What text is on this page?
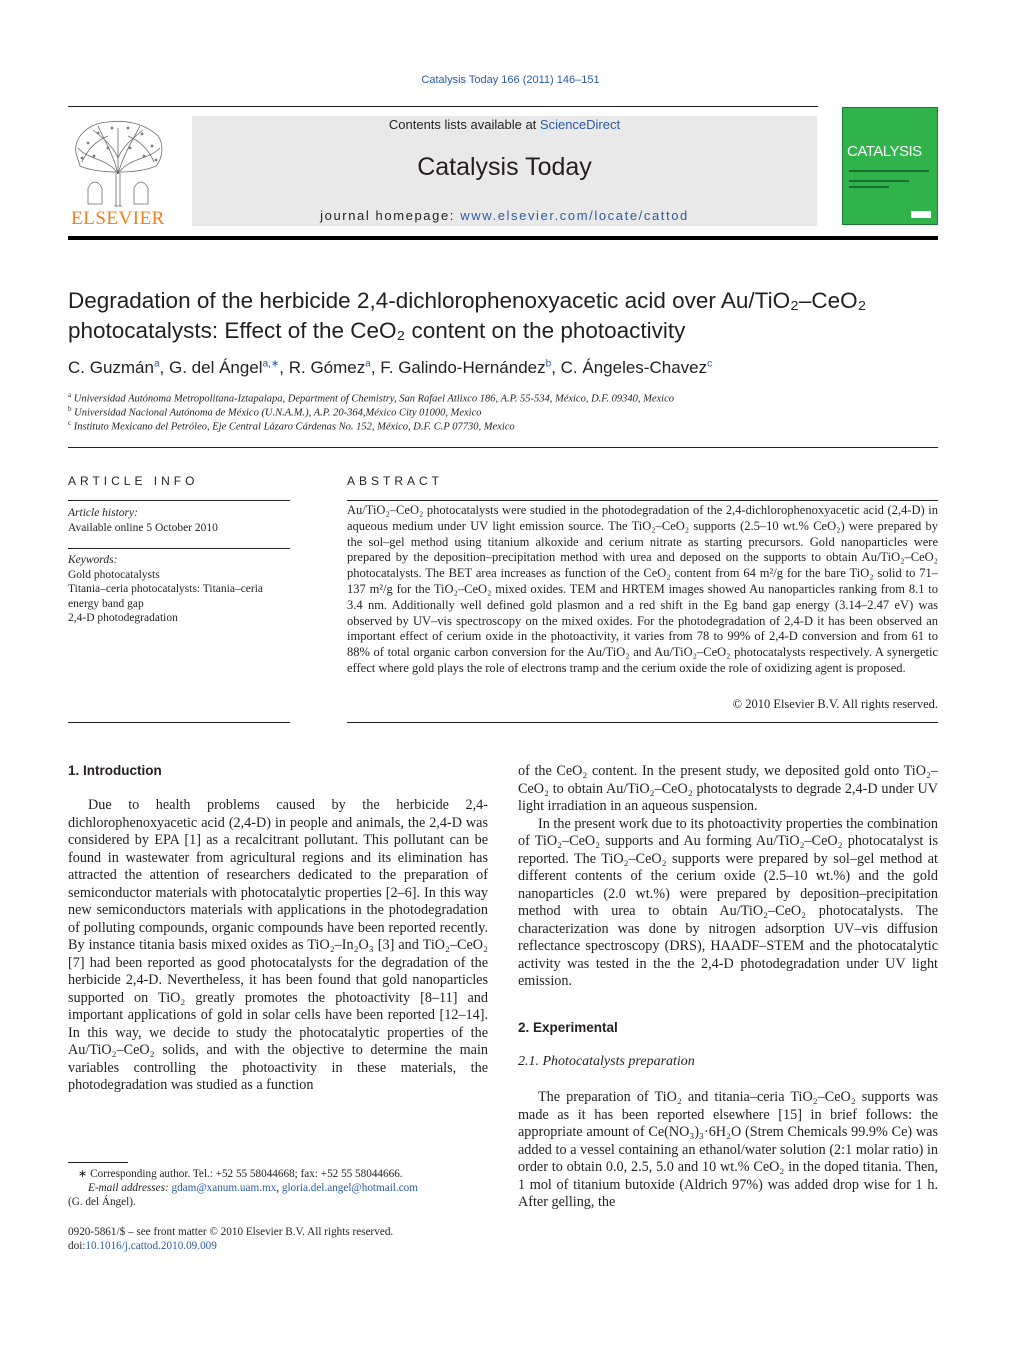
Catalysis Today 166 (2011) 146–151
ELSEVIER
Contents lists available at ScienceDirect
Catalysis Today
journal homepage: www.elsevier.com/locate/cattod
CATALYSIS
Degradation of the herbicide 2,4-dichlorophenoxyacetic acid over Au/TiO₂–CeO₂
photocatalysts: Effect of the CeO₂ content on the photoactivity
C. Guzmán$^a$, G. del Ángel$^{a,∗}$, R. Gómez$^a$, F. Galindo-Hernández$^b$, C. Ángeles-Chavez$^c$
$^a$ Universidad Autónoma Metropolitana-Iztapalapa, Department of Chemistry, San Rafael Atlixco 186, A.P. 55-534, México, D.F. 09340, Mexico
$^b$ Universidad Nacional Autónoma de México (U.N.A.M.), A.P. 20-364,México City 01000, Mexico
$^c$ Instituto Mexicano del Petróleo, Eje Central Lázaro Cárdenas No. 152, México, D.F. C.P 07730, Mexico
ARTICLE INFO
Article history:
Available online 5 October 2010
Keywords:
Gold photocatalysts
Titania–ceria photocatalysts: Titania–ceria
energy band gap
2,4-D photodegradation
ABSTRACT
Au/TiO₂–CeO₂ photocatalysts were studied in the photodegradation of the 2,4-dichlorophenoxyacetic acid (2,4-D) in aqueous medium under UV light emission source. The TiO₂–CeO₂ supports (2.5–10 wt.% CeO₂) were prepared by the sol–gel method using titanium alkoxide and cerium nitrate as starting precursors. Gold nanoparticles were prepared by the deposition–precipitation method with urea and deposed on the supports to obtain Au/TiO₂–CeO₂ photocatalysts. The BET area increases as function of the CeO₂ content from 64 m²/g for the bare TiO₂ solid to 71–137 m²/g for the TiO₂–CeO₂ mixed oxides. TEM and HRTEM images showed Au nanoparticles ranking from 8.1 to 3.4 nm. Additionally well defined gold plasmon and a red shift in the Eg band gap energy (3.14–2.47 eV) was observed by UV–vis spectroscopy on the mixed oxides. For the photodegradation of 2,4-D it has been observed an important effect of cerium oxide in the photoactivity, it varies from 78 to 99% of 2,4-D conversion and from 61 to 88% of total organic carbon conversion for the Au/TiO₂ and Au/TiO₂–CeO₂ photocatalysts respectively. A synergetic effect where gold plays the role of electrons tramp and the cerium oxide the role of oxidizing agent is proposed.
© 2010 Elsevier B.V. All rights reserved.
1. Introduction

Due to health problems caused by the herbicide 2,4-dichlorophenoxyacetic acid (2,4-D) in people and animals, the 2,4-D was considered by EPA [1] as a recalcitrant pollutant. This pollutant can be found in wastewater from agricultural regions and its elimination has attracted the attention of researchers dedicated to the preparation of semiconductor materials with photocatalytic properties [2–6]. In this way new semiconductors materials with applications in the photodegradation of polluting compounds, organic compounds have been reported recently. By instance titania basis mixed oxides as TiO₂–In₂O₃ [3] and TiO₂–CeO₂ [7] had been reported as good photocatalysts for the degradation of the herbicide 2,4-D. Nevertheless, it has been found that gold nanoparticles supported on TiO₂ greatly promotes the photoactivity [8–11] and important applications of gold in solar cells have been reported [12–14]. In this way, we decide to study the photocatalytic properties of the Au/TiO₂–CeO₂ solids, and with the objective to determine the main variables controlling the photoactivity in these materials, the photodegradation was studied as a function

∗ Corresponding author. Tel.: +52 55 58044668; fax: +52 55 58044666.
E-mail addresses: gdam@xanum.uam.mx, gloria.del.angel@hotmail.com
(G. del Ángel).
0920-5861/$ – see front matter © 2010 Elsevier B.V. All rights reserved.
doi:10.1016/j.cattod.2010.09.009

of the CeO₂ content. In the present study, we deposited gold onto TiO₂–CeO₂ to obtain Au/TiO₂–CeO₂ photocatalysts to degrade 2,4-D under UV light irradiation in an aqueous suspension.

In the present work due to its photoactivity properties the combination of TiO₂–CeO₂ supports and Au forming Au/TiO₂–CeO₂ photocatalyst is reported. The TiO₂–CeO₂ supports were prepared by sol–gel method at different contents of the cerium oxide (2.5–10 wt.%) and the gold nanoparticles (2.0 wt.%) were prepared by deposition–precipitation method with urea to obtain Au/TiO₂–CeO₂ photocatalysts. The characterization was done by nitrogen adsorption UV–vis diffusion reflectance spectroscopy (DRS), HAADF–STEM and the photocatalytic activity was tested in the the 2,4-D photodegradation under UV light emission.

2. Experimental
2.1. Photocatalysts preparation

The preparation of TiO₂ and titania–ceria TiO₂–CeO₂ supports was made as it has been reported elsewhere [15] in brief follows: the appropriate amount of Ce(NO₃)₃·6H₂O (Strem Chemicals 99.9% Ce) was added to a vessel containing an ethanol/water solution (2:1 molar ratio) in order to obtain 0.0, 2.5, 5.0 and 10 wt.% CeO₂ in the doped titania. Then, 1 mol of titanium butoxide (Aldrich 97%) was added drop wise for 1 h. After gelling, the
